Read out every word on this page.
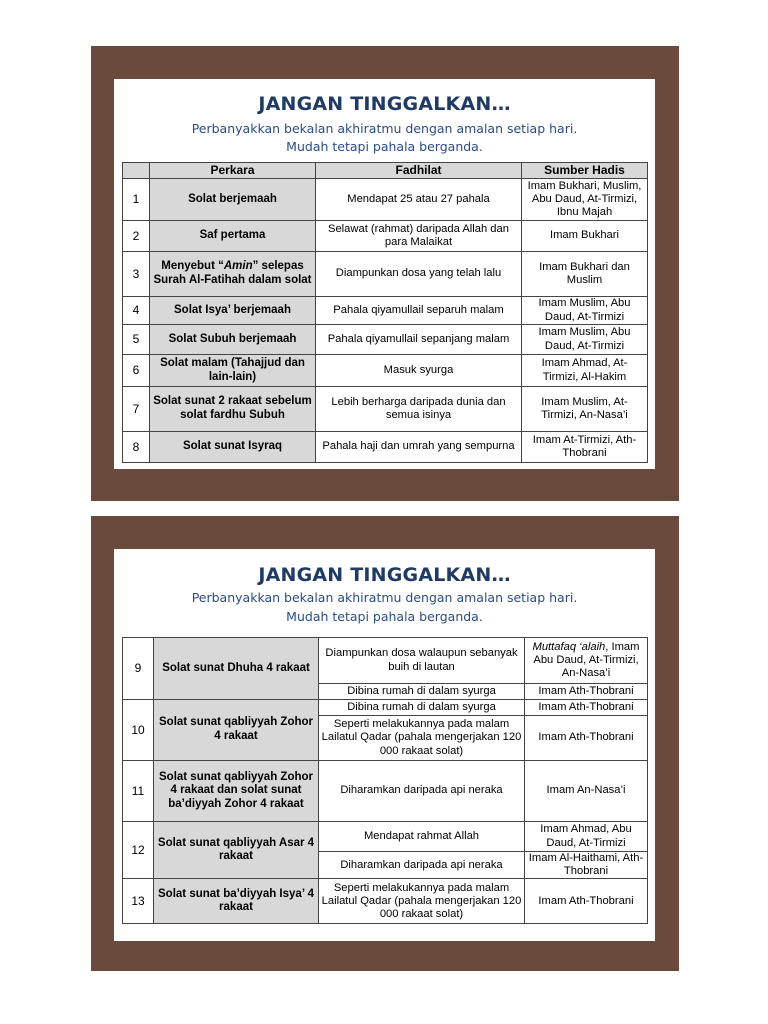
JANGAN TINGGALKAN…
Perbanyakkan bekalan akhiratmu dengan amalan setiap hari.
Mudah tetapi pahala berganda.
	Perkara	Fadhilat	Sumber Hadis
1	Solat berjemaah	Mendapat 25 atau 27 pahala	Imam Bukhari, Muslim, Abu Daud, At-Tirmizi, Ibnu Majah
2	Saf pertama	Selawat (rahmat) daripada Allah dan para Malaikat	Imam Bukhari
3	Menyebut “Amin” selepas Surah Al-Fatihah dalam solat	Diampunkan dosa yang telah lalu	Imam Bukhari dan Muslim
4	Solat Isya’ berjemaah	Pahala qiyamullail separuh malam	Imam Muslim, Abu Daud, At-Tirmizi
5	Solat Subuh berjemaah	Pahala qiyamullail sepanjang malam	Imam Muslim, Abu Daud, At-Tirmizi
6	Solat malam (Tahajjud dan lain-lain)	Masuk syurga	Imam Ahmad, At-Tirmizi, Al-Hakim
7	Solat sunat 2 rakaat sebelum solat fardhu Subuh	Lebih berharga daripada dunia dan semua isinya	Imam Muslim, At-Tirmizi, An-Nasa’i
8	Solat sunat Isyraq	Pahala haji dan umrah yang sempurna	Imam At-Tirmizi, Ath-Thobrani
JANGAN TINGGALKAN…
Perbanyakkan bekalan akhiratmu dengan amalan setiap hari.
Mudah tetapi pahala berganda.
9	Solat sunat Dhuha 4 rakaat	Diampunkan dosa walaupun sebanyak buih di lautan	Muttafaq ‘alaih, Imam Abu Daud, At-Tirmizi, An-Nasa’i
		Dibina rumah di dalam syurga	Imam Ath-Thobrani
10	Solat sunat qabliyyah Zohor 4 rakaat	Dibina rumah di dalam syurga	Imam Ath-Thobrani
		Seperti melakukannya pada malam Lailatul Qadar (pahala mengerjakan 120 000 rakaat solat)	Imam Ath-Thobrani
11	Solat sunat qabliyyah Zohor 4 rakaat dan solat sunat ba’diyyah Zohor 4 rakaat	Diharamkan daripada api neraka	Imam An-Nasa’i
12	Solat sunat qabliyyah Asar 4 rakaat	Mendapat rahmat Allah	Imam Ahmad, Abu Daud, At-Tirmizi
		Diharamkan daripada api neraka	Imam Al-Haithami, Ath-Thobrani
13	Solat sunat ba’diyyah Isya’ 4 rakaat	Seperti melakukannya pada malam Lailatul Qadar (pahala mengerjakan 120 000 rakaat solat)	Imam Ath-Thobrani
